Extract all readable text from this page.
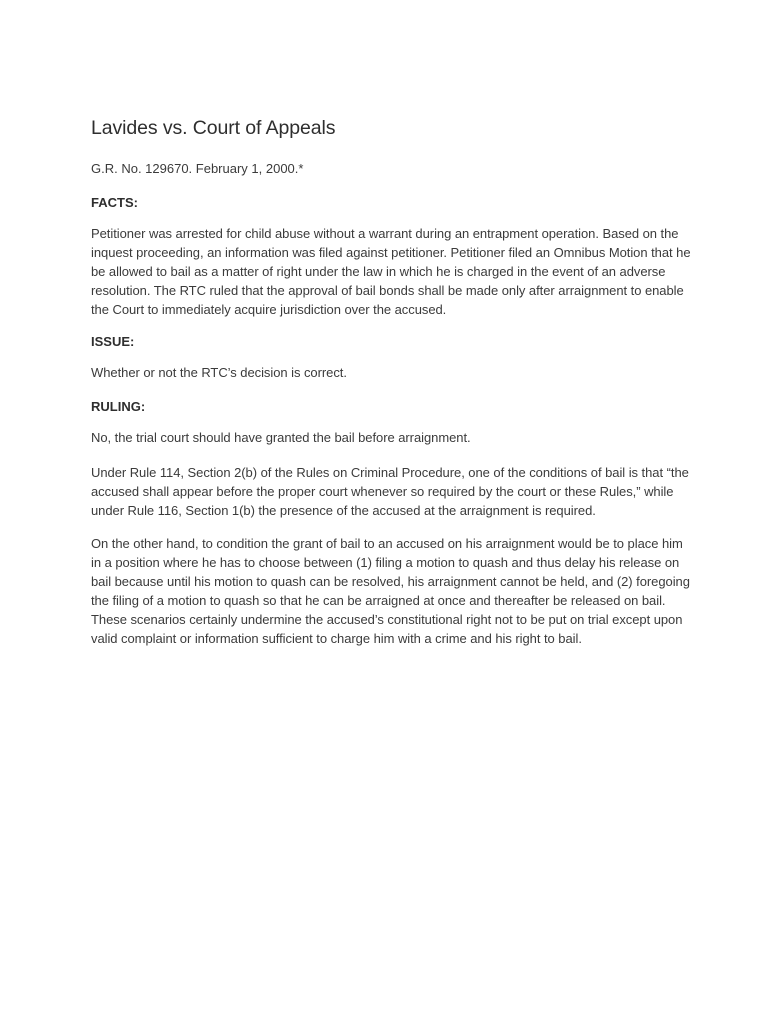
Lavides vs. Court of Appeals

G.R. No. 129670. February 1, 2000.*

FACTS:

Petitioner was arrested for child abuse without a warrant during an entrapment operation. Based on the inquest proceeding, an information was filed against petitioner. Petitioner filed an Omnibus Motion that he be allowed to bail as a matter of right under the law in which he is charged in the event of an adverse resolution. The RTC ruled that the approval of bail bonds shall be made only after arraignment to enable the Court to immediately acquire jurisdiction over the accused.

ISSUE:

Whether or not the RTC’s decision is correct.

RULING:

No, the trial court should have granted the bail before arraignment.

Under Rule 114, Section 2(b) of the Rules on Criminal Procedure, one of the conditions of bail is that “the accused shall appear before the proper court whenever so required by the court or these Rules,” while under Rule 116, Section 1(b) the presence of the accused at the arraignment is required.

On the other hand, to condition the grant of bail to an accused on his arraignment would be to place him in a position where he has to choose between (1) filing a motion to quash and thus delay his release on bail because until his motion to quash can be resolved, his arraignment cannot be held, and (2) foregoing the filing of a motion to quash so that he can be arraigned at once and thereafter be released on bail. These scenarios certainly undermine the accused’s constitutional right not to be put on trial except upon valid complaint or information sufficient to charge him with a crime and his right to bail.
